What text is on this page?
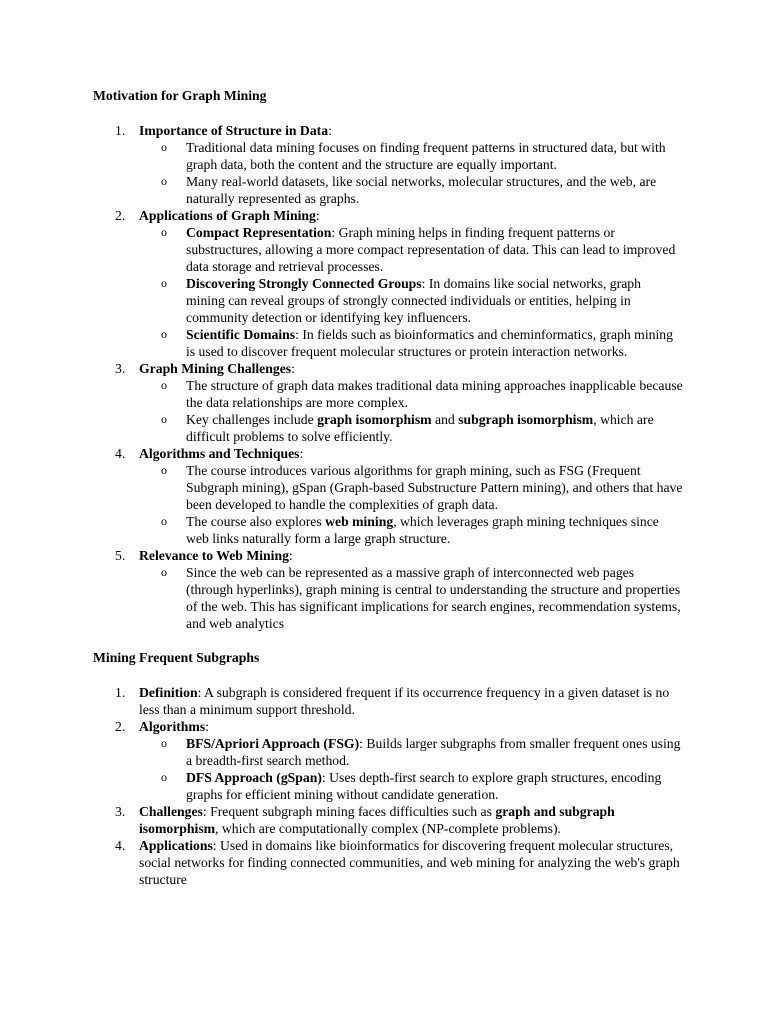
Motivation for Graph Mining
1.	Importance of Structure in Data:
o Traditional data mining focuses on finding frequent patterns in structured data, but with graph data, both the content and the structure are equally important.
o Many real-world datasets, like social networks, molecular structures, and the web, are naturally represented as graphs.
2.	Applications of Graph Mining:
o Compact Representation: Graph mining helps in finding frequent patterns or substructures, allowing a more compact representation of data. This can lead to improved data storage and retrieval processes.
o Discovering Strongly Connected Groups: In domains like social networks, graph mining can reveal groups of strongly connected individuals or entities, helping in community detection or identifying key influencers.
o Scientific Domains: In fields such as bioinformatics and cheminformatics, graph mining is used to discover frequent molecular structures or protein interaction networks.
3.	Graph Mining Challenges:
o The structure of graph data makes traditional data mining approaches inapplicable because the data relationships are more complex.
o Key challenges include graph isomorphism and subgraph isomorphism, which are difficult problems to solve efficiently.
4.	Algorithms and Techniques:
o The course introduces various algorithms for graph mining, such as FSG (Frequent Subgraph mining), gSpan (Graph-based Substructure Pattern mining), and others that have been developed to handle the complexities of graph data.
o The course also explores web mining, which leverages graph mining techniques since web links naturally form a large graph structure.
5.	Relevance to Web Mining:
o Since the web can be represented as a massive graph of interconnected web pages (through hyperlinks), graph mining is central to understanding the structure and properties of the web. This has significant implications for search engines, recommendation systems, and web analytics
Mining Frequent Subgraphs
1.	Definition: A subgraph is considered frequent if its occurrence frequency in a given dataset is no less than a minimum support threshold.
2.	Algorithms:
o BFS/Apriori Approach (FSG): Builds larger subgraphs from smaller frequent ones using a breadth-first search method.
o DFS Approach (gSpan): Uses depth-first search to explore graph structures, encoding graphs for efficient mining without candidate generation.
3.	Challenges: Frequent subgraph mining faces difficulties such as graph and subgraph isomorphism, which are computationally complex (NP-complete problems).
4.	Applications: Used in domains like bioinformatics for discovering frequent molecular structures, social networks for finding connected communities, and web mining for analyzing the web's graph structure
